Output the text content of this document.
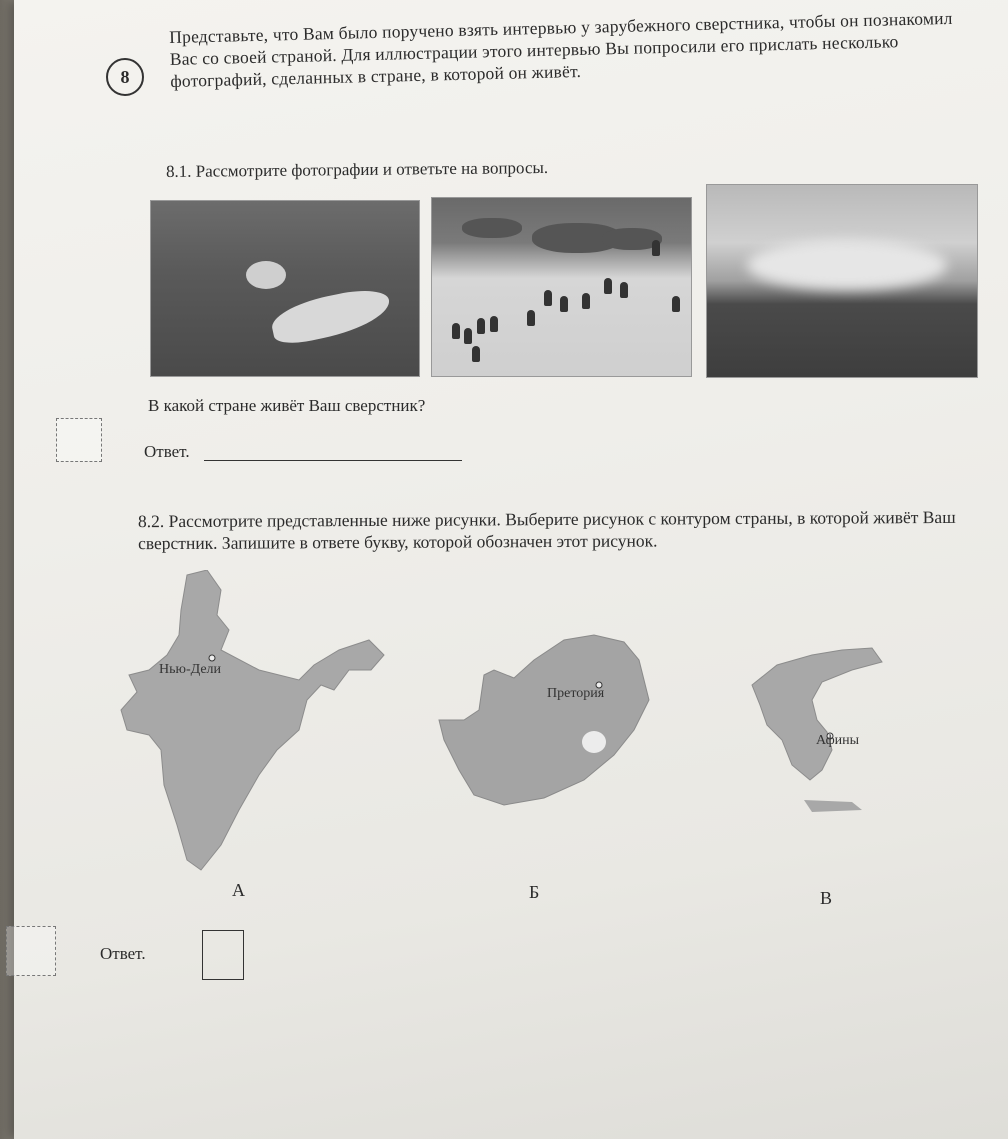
8
Представьте, что Вам было поручено взять интервью у зарубежного сверстника, чтобы он познакомил Вас со своей страной. Для иллюстрации этого интервью Вы попросили его прислать несколько фотографий, сделанных в стране, в которой он живёт.
8.1. Рассмотрите фотографии и ответьте на вопросы.
В какой стране живёт Ваш сверстник?
Ответ.
8.2. Рассмотрите представленные ниже рисунки. Выберите рисунок с контуром страны, в которой живёт Ваш сверстник. Запишите в ответе букву, которой обозначен этот рисунок.
Нью-Дели
А
Претория
Б
Афины
В
Ответ.
